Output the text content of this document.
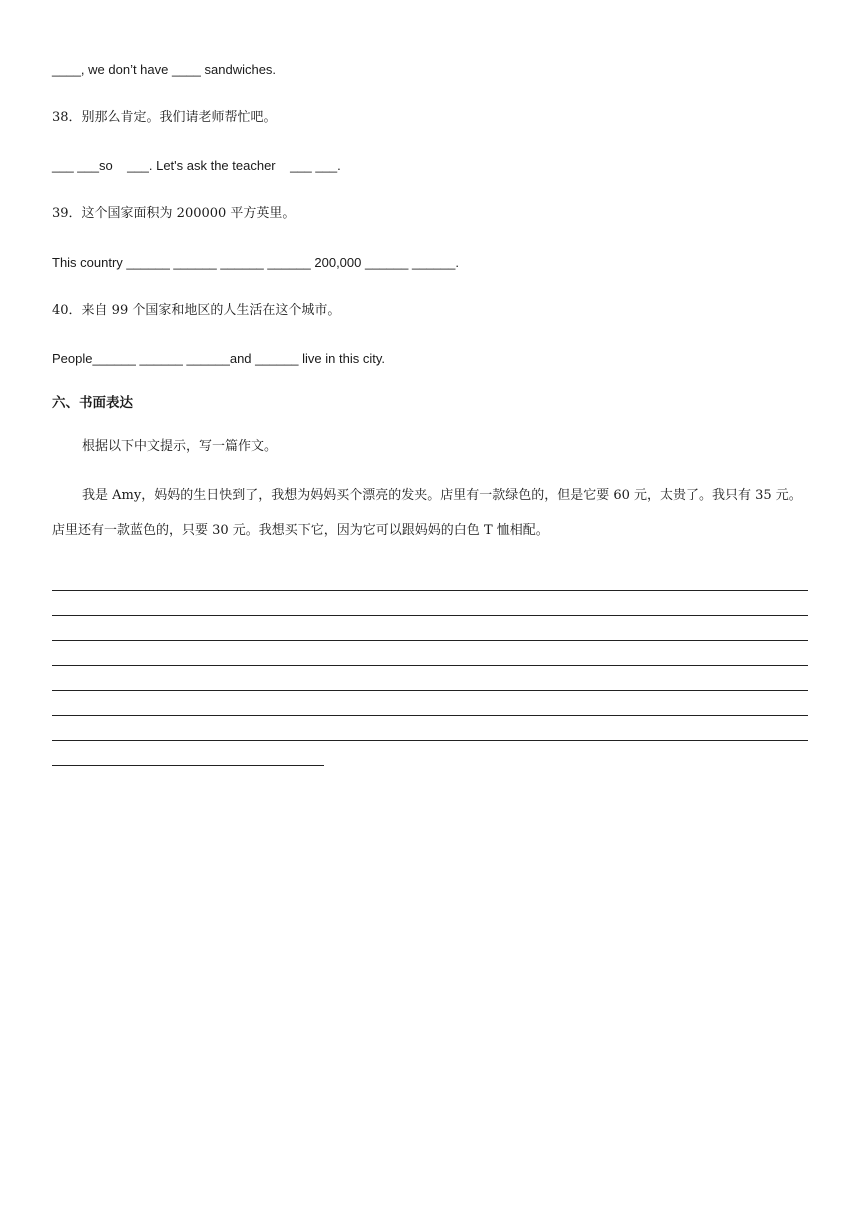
____, we don’t have ____ sandwiches.

38．别那么肯定。我们请老师帮忙吧。

___ ___so    ___. Let's ask the teacher    ___ ___.

39．这个国家面积为 200000 平方英里。

This country ______ ______ ______ ______ 200,000 ______ ______.

40．来自 99 个国家和地区的人生活在这个城市。

People______ ______ ______and ______ live in this city.

六、书面表达

根据以下中文提示，写一篇作文。

我是 Amy，妈妈的生日快到了，我想为妈妈买个漂亮的发夹。店里有一款绿色的，但是它要 60 元，太贵了。我只有 35 元。店里还有一款蓝色的，只要 30 元。我想买下它，因为它可以跟妈妈的白色 T 恤相配。
